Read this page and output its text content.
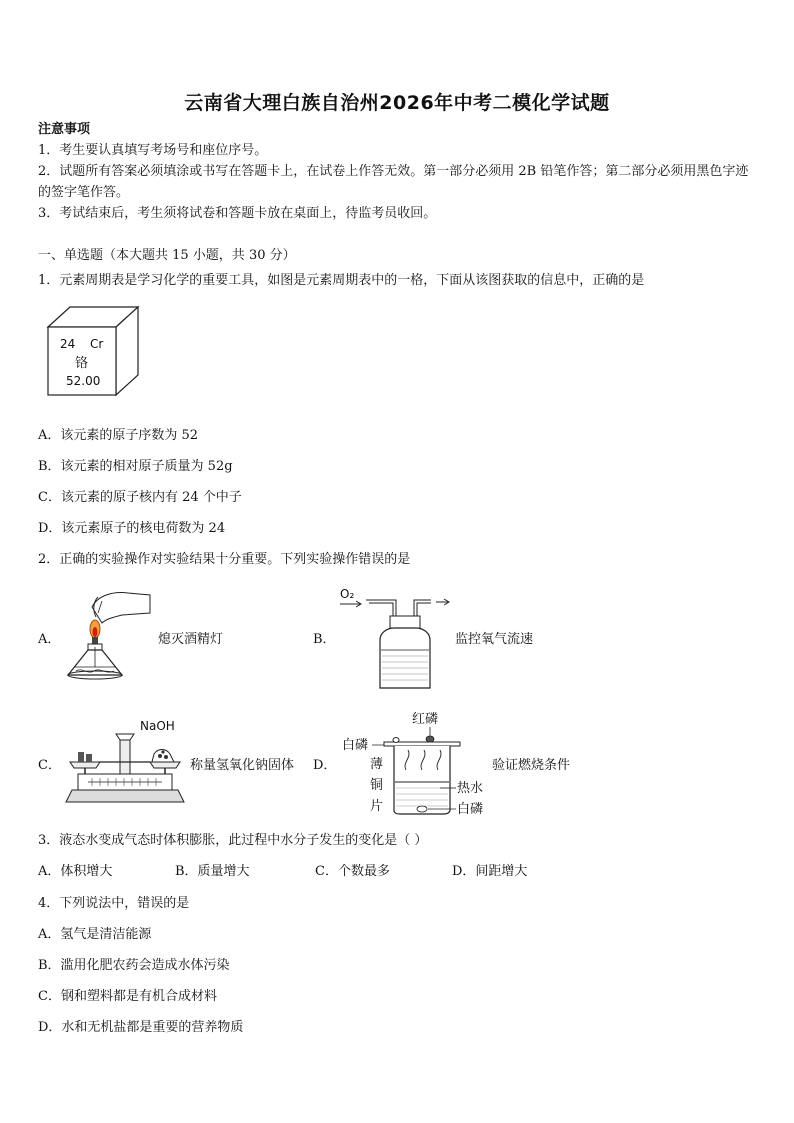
云南省大理白族自治州2026年中考二模化学试题
注意事项
1．考生要认真填写考场号和座位序号。
2．试题所有答案必须填涂或书写在答题卡上，在试卷上作答无效。第一部分必须用 2B 铅笔作答；第二部分必须用黑色字迹的签字笔作答。
3．考试结束后，考生须将试卷和答题卡放在桌面上，待监考员收回。
一、单选题（本大题共 15 小题，共 30 分）
1．元素周期表是学习化学的重要工具，如图是元素周期表中的一格，下面从该图获取的信息中，正确的是
24 Cr
铬
52.00
A．该元素的原子序数为 52
B．该元素的相对原子质量为 52g
C．该元素的原子核内有 24 个中子
D．该元素原子的核电荷数为 24
2．正确的实验操作对实验结果十分重要。下列实验操作错误的是
A．	熄灭酒精灯	B．
O₂
监控氧气流速
C．
NaOH
称量氢氧化钠固体 D．
红磷
白磷
薄
铜
片
热水
白磷
验证燃烧条件
3．液态水变成气态时体积膨胀，此过程中水分子发生的变化是（ ）
A．体积增大	B．质量增大	C．个数最多	D．间距增大
4．下列说法中，错误的是
A．氢气是清洁能源
B．滥用化肥农药会造成水体污染
C．钢和塑料都是有机合成材料
D．水和无机盐都是重要的营养物质
